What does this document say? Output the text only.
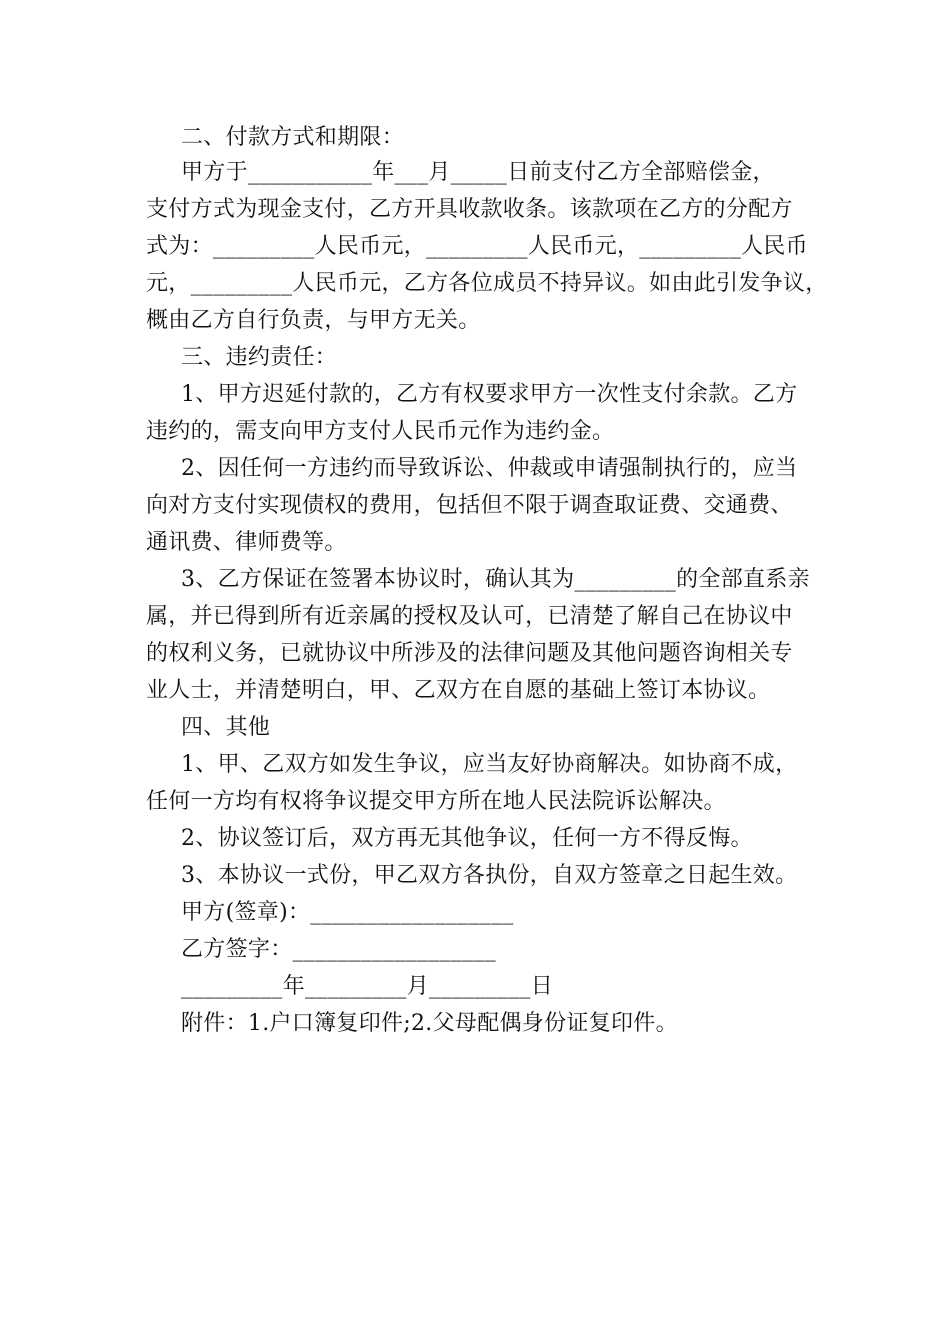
二、付款方式和期限：
甲方于___________年___月_____日前支付乙方全部赔偿金，
支付方式为现金支付，乙方开具收款收条。该款项在乙方的分配方
式为：_________人民币元，_________人民币元，_________人民币
元，_________人民币元，乙方各位成员不持异议。如由此引发争议，
概由乙方自行负责，与甲方无关。
三、违约责任：
1、甲方迟延付款的，乙方有权要求甲方一次性支付余款。乙方
违约的，需支向甲方支付人民币元作为违约金。
2、因任何一方违约而导致诉讼、仲裁或申请强制执行的，应当
向对方支付实现债权的费用，包括但不限于调查取证费、交通费、
通讯费、律师费等。
3、乙方保证在签署本协议时，确认其为_________的全部直系亲
属，并已得到所有近亲属的授权及认可，已清楚了解自己在协议中
的权利义务，已就协议中所涉及的法律问题及其他问题咨询相关专
业人士，并清楚明白，甲、乙双方在自愿的基础上签订本协议。
四、其他
1、甲、乙双方如发生争议，应当友好协商解决。如协商不成，
任何一方均有权将争议提交甲方所在地人民法院诉讼解决。
2、协议签订后，双方再无其他争议，任何一方不得反悔。
3、本协议一式份，甲乙双方各执份，自双方签章之日起生效。
甲方(签章)：__________________
乙方签字：__________________
_________年_________月_________日
附件：1.户口簿复印件;2.父母配偶身份证复印件。
